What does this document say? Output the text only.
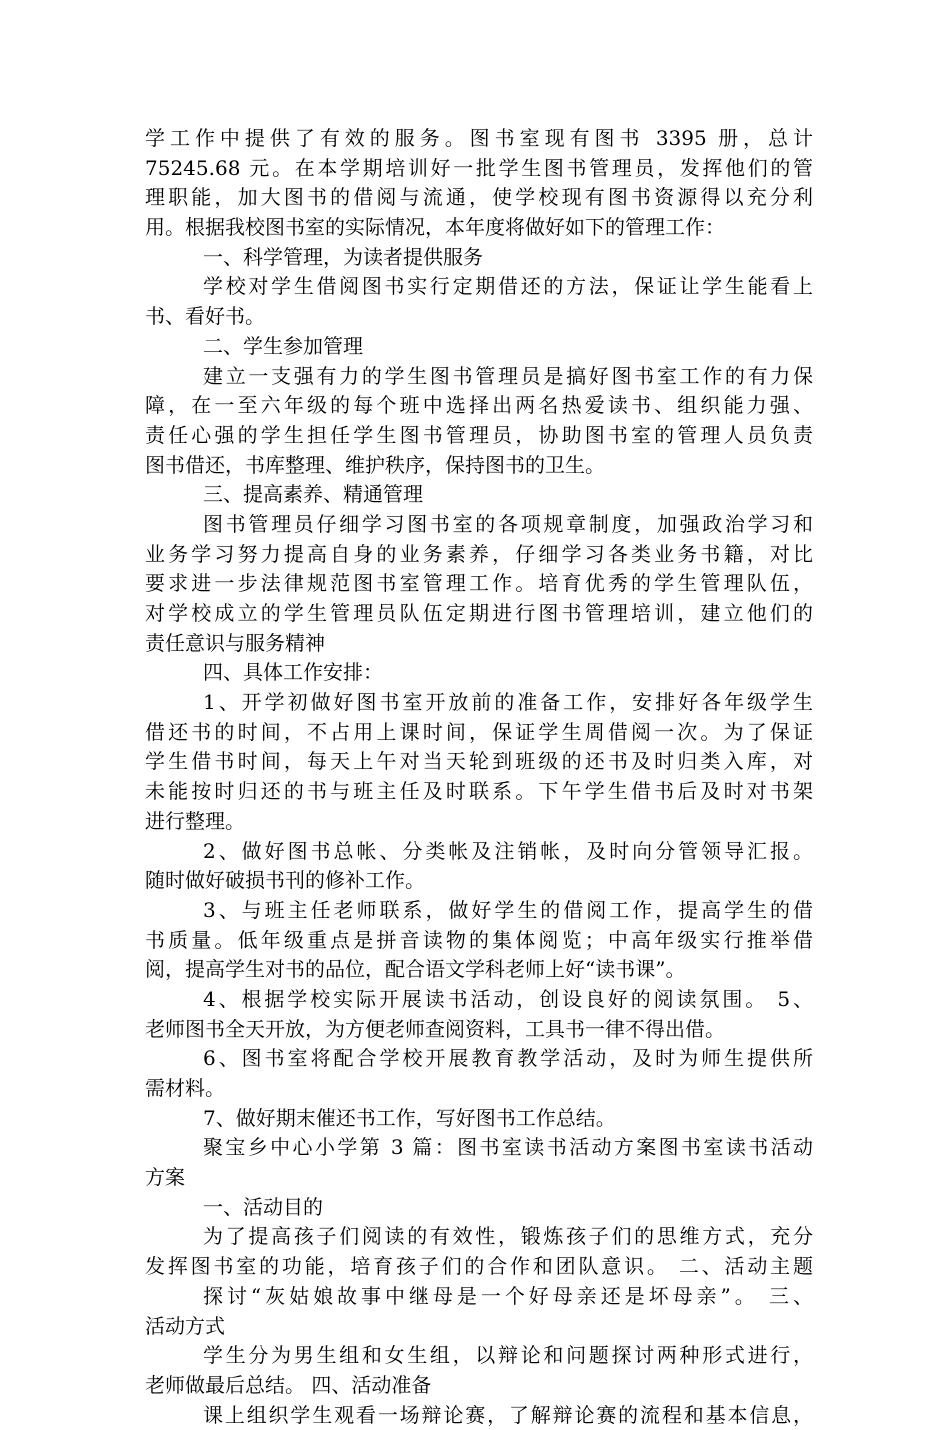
学工作中提供了有效的服务。图书室现有图书 3395 册，总计
75245.68 元。在本学期培训好一批学生图书管理员，发挥他们的管
理职能，加大图书的借阅与流通，使学校现有图书资源得以充分利
用。根据我校图书室的实际情况，本年度将做好如下的管理工作：
一、科学管理，为读者提供服务
学校对学生借阅图书实行定期借还的方法，保证让学生能看上
书、看好书。
二、学生参加管理
建立一支强有力的学生图书管理员是搞好图书室工作的有力保
障，在一至六年级的每个班中选择出两名热爱读书、组织能力强、
责任心强的学生担任学生图书管理员，协助图书室的管理人员负责
图书借还，书库整理、维护秩序，保持图书的卫生。
三、提高素养、精通管理
图书管理员仔细学习图书室的各项规章制度，加强政治学习和
业务学习努力提高自身的业务素养，仔细学习各类业务书籍，对比
要求进一步法律规范图书室管理工作。培育优秀的学生管理队伍，
对学校成立的学生管理员队伍定期进行图书管理培训，建立他们的
责任意识与服务精神
四、具体工作安排：
1、开学初做好图书室开放前的准备工作，安排好各年级学生
借还书的时间，不占用上课时间，保证学生周借阅一次。为了保证
学生借书时间，每天上午对当天轮到班级的还书及时归类入库，对
未能按时归还的书与班主任及时联系。下午学生借书后及时对书架
进行整理。
2、做好图书总帐、分类帐及注销帐，及时向分管领导汇报。
随时做好破损书刊的修补工作。
3、与班主任老师联系，做好学生的借阅工作，提高学生的借
书质量。低年级重点是拼音读物的集体阅览；中高年级实行推举借
阅，提高学生对书的品位，配合语文学科老师上好“读书课”。
4、根据学校实际开展读书活动，创设良好的阅读氛围。 5、
老师图书全天开放，为方便老师查阅资料，工具书一律不得出借。
6、图书室将配合学校开展教育教学活动，及时为师生提供所
需材料。
7、做好期末催还书工作，写好图书工作总结。
聚宝乡中心小学第 3 篇：图书室读书活动方案图书室读书活动
方案
一、活动目的
为了提高孩子们阅读的有效性，锻炼孩子们的思维方式，充分
发挥图书室的功能，培育孩子们的合作和团队意识。 二、活动主题
探讨“灰姑娘故事中继母是一个好母亲还是坏母亲”。 三、
活动方式
学生分为男生组和女生组，以辩论和问题探讨两种形式进行，
老师做最后总结。 四、活动准备
课上组织学生观看一场辩论赛，了解辩论赛的流程和基本信息，
